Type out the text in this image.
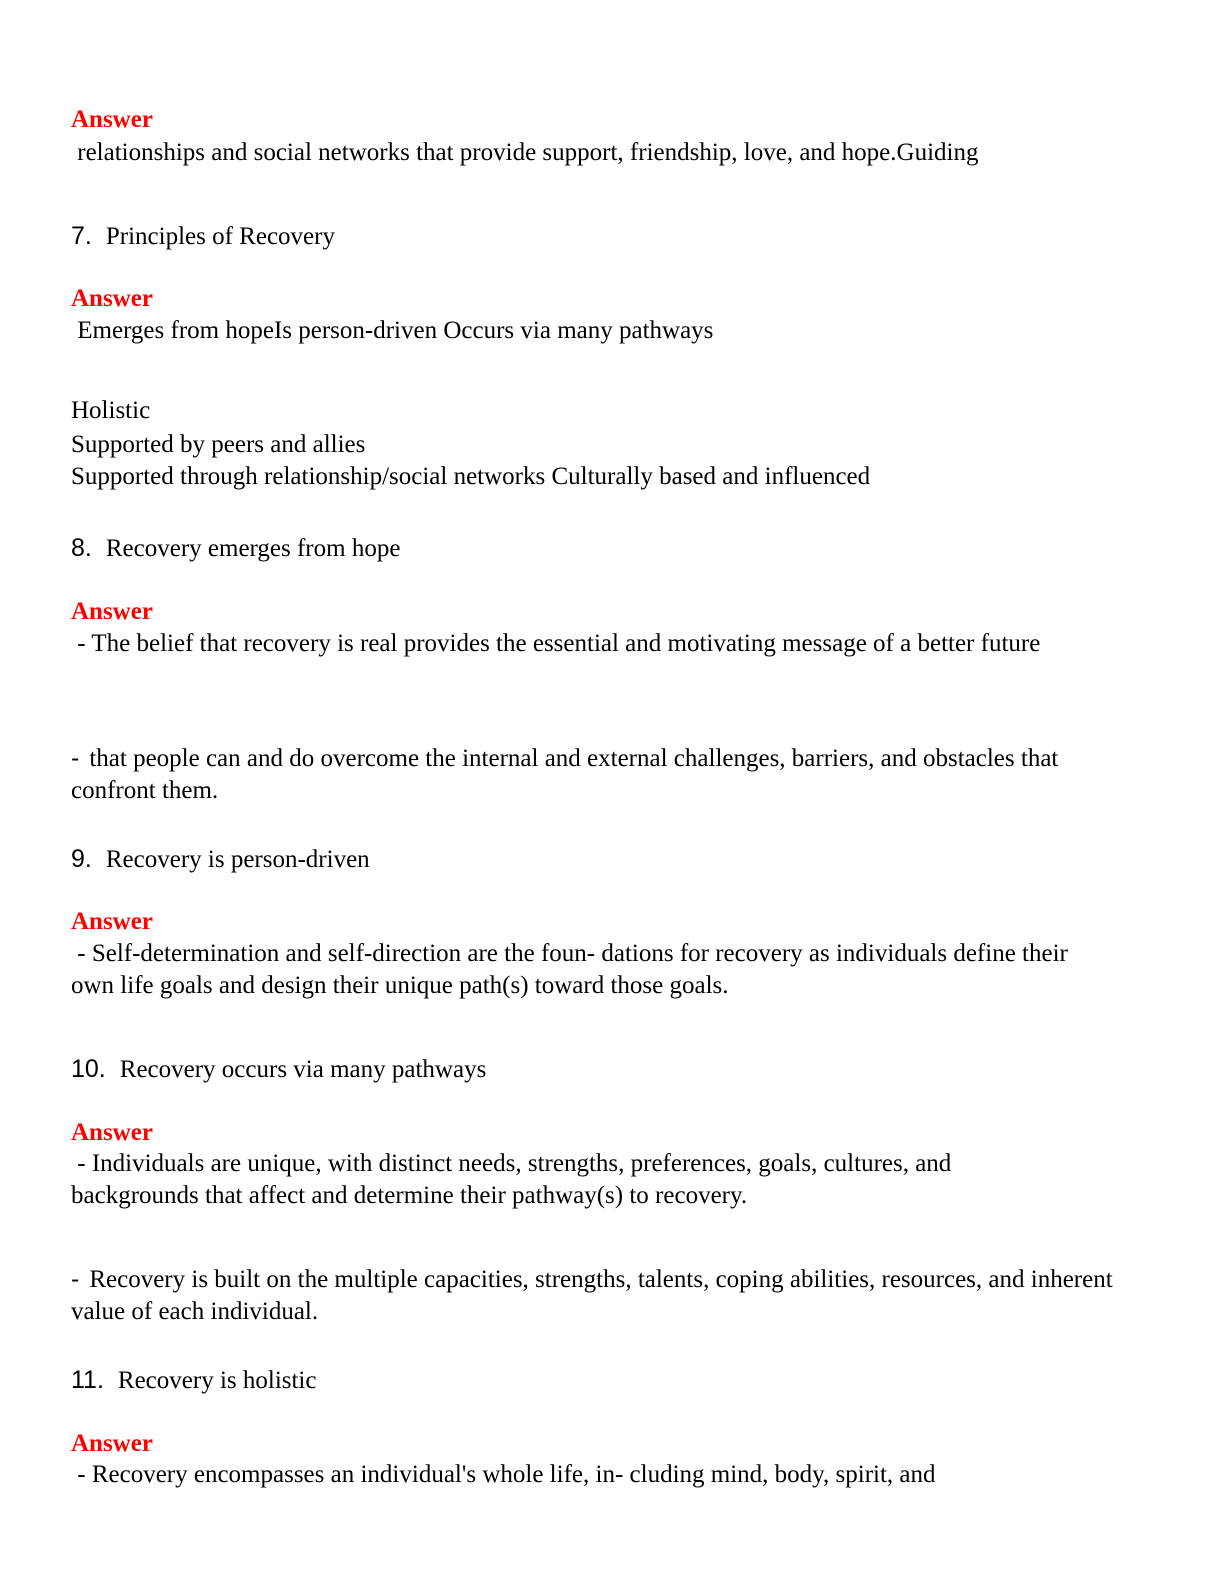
Answer
relationships and social networks that provide support, friendship, love, and hope.Guiding
7. Principles of Recovery
Answer
Emerges from hopeIs person-driven Occurs via many pathways
Holistic
Supported by peers and allies
Supported through relationship/social networks Culturally based and influenced
8. Recovery emerges from hope
Answer
- The belief that recovery is real provides the essential and motivating message of a better future
- that people can and do overcome the internal and external challenges, barriers, and obstacles that confront them.
9. Recovery is person-driven
Answer
- Self-determination and self-direction are the foun- dations for recovery as individuals define their own life goals and design their unique path(s) toward those goals.
10. Recovery occurs via many pathways
Answer
- Individuals are unique, with distinct needs, strengths, preferences, goals, cultures, and backgrounds that affect and determine their pathway(s) to recovery.
- Recovery is built on the multiple capacities, strengths, talents, coping abilities, resources, and inherent value of each individual.
11. Recovery is holistic
Answer
- Recovery encompasses an individual's whole life, in- cluding mind, body, spirit, and
